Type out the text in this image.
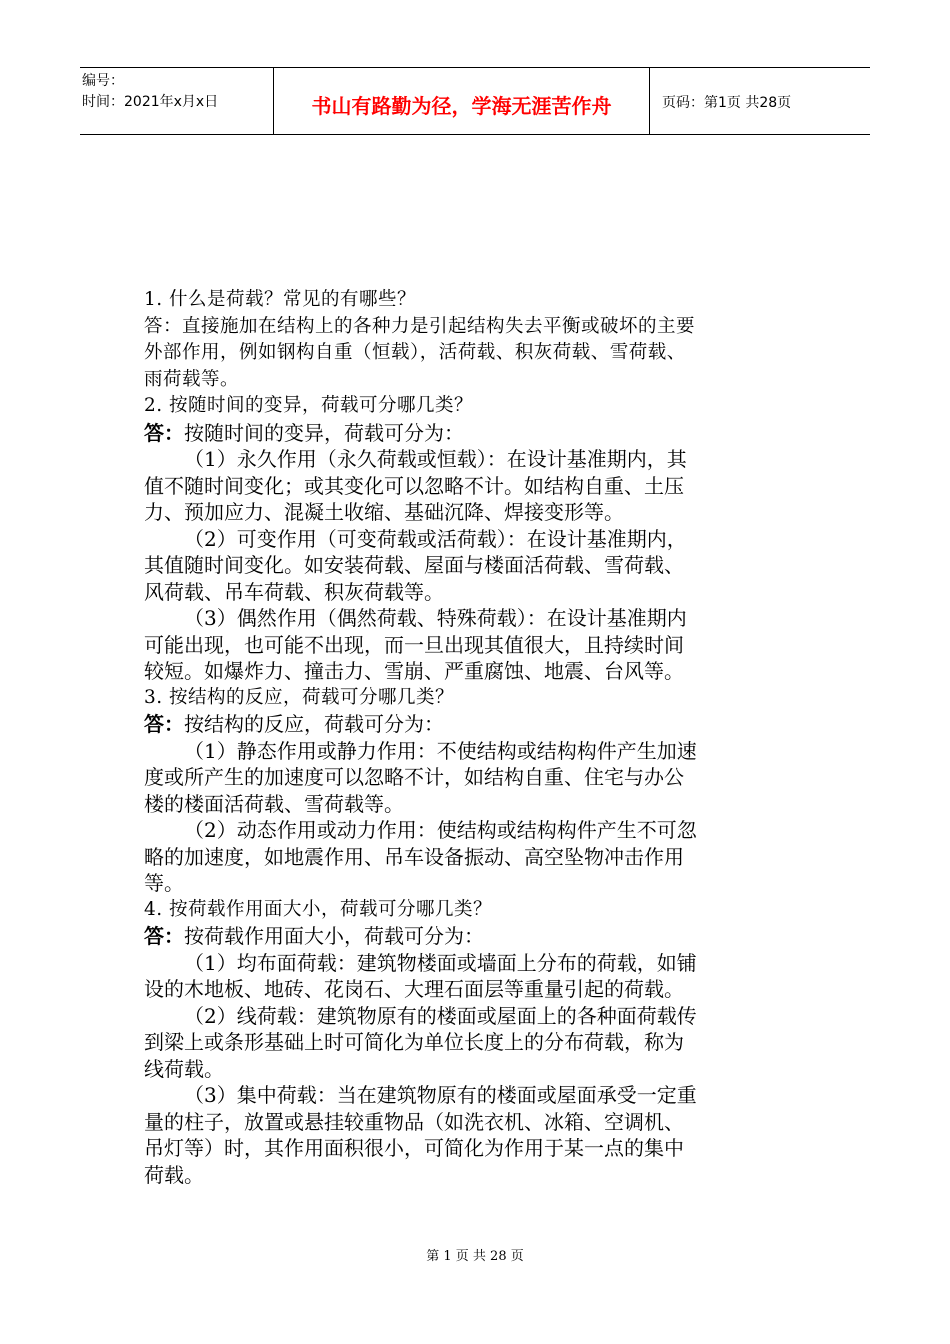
编号：
时间：2021年x月x日	书山有路勤为径，学海无涯苦作舟	页码：第1页 共28页

1. 什么是荷载？常见的有哪些？

答：直接施加在结构上的各种力是引起结构失去平衡或破坏的主要

外部作用，例如钢构自重（恒载），活荷载、积灰荷载、雪荷载、

雨荷载等。

2. 按随时间的变异，荷载可分哪几类？

答：按随时间的变异，荷载可分为：

（1）永久作用（永久荷载或恒载）：在设计基准期内，其

值不随时间变化；或其变化可以忽略不计。如结构自重、土压

力、预加应力、混凝土收缩、基础沉降、焊接变形等。

（2）可变作用（可变荷载或活荷载）：在设计基准期内，

其值随时间变化。如安装荷载、屋面与楼面活荷载、雪荷载、

风荷载、吊车荷载、积灰荷载等。

（3）偶然作用（偶然荷载、特殊荷载）：在设计基准期内

可能出现，也可能不出现，而一旦出现其值很大，且持续时间

较短。如爆炸力、撞击力、雪崩、严重腐蚀、地震、台风等。

3. 按结构的反应，荷载可分哪几类？

答：按结构的反应，荷载可分为：

（1）静态作用或静力作用：不使结构或结构构件产生加速

度或所产生的加速度可以忽略不计，如结构自重、住宅与办公

楼的楼面活荷载、雪荷载等。

（2）动态作用或动力作用：使结构或结构构件产生不可忽

略的加速度，如地震作用、吊车设备振动、高空坠物冲击作用

等。

4. 按荷载作用面大小，荷载可分哪几类？

答：按荷载作用面大小，荷载可分为：

（1）均布面荷载：建筑物楼面或墙面上分布的荷载，如铺

设的木地板、地砖、花岗石、大理石面层等重量引起的荷载。

（2）线荷载：建筑物原有的楼面或屋面上的各种面荷载传

到梁上或条形基础上时可简化为单位长度上的分布荷载，称为

线荷载。

（3）集中荷载：当在建筑物原有的楼面或屋面承受一定重

量的柱子，放置或悬挂较重物品（如洗衣机、冰箱、空调机、

吊灯等）时，其作用面积很小，可简化为作用于某一点的集中

荷载。

第 1 页 共 28 页
